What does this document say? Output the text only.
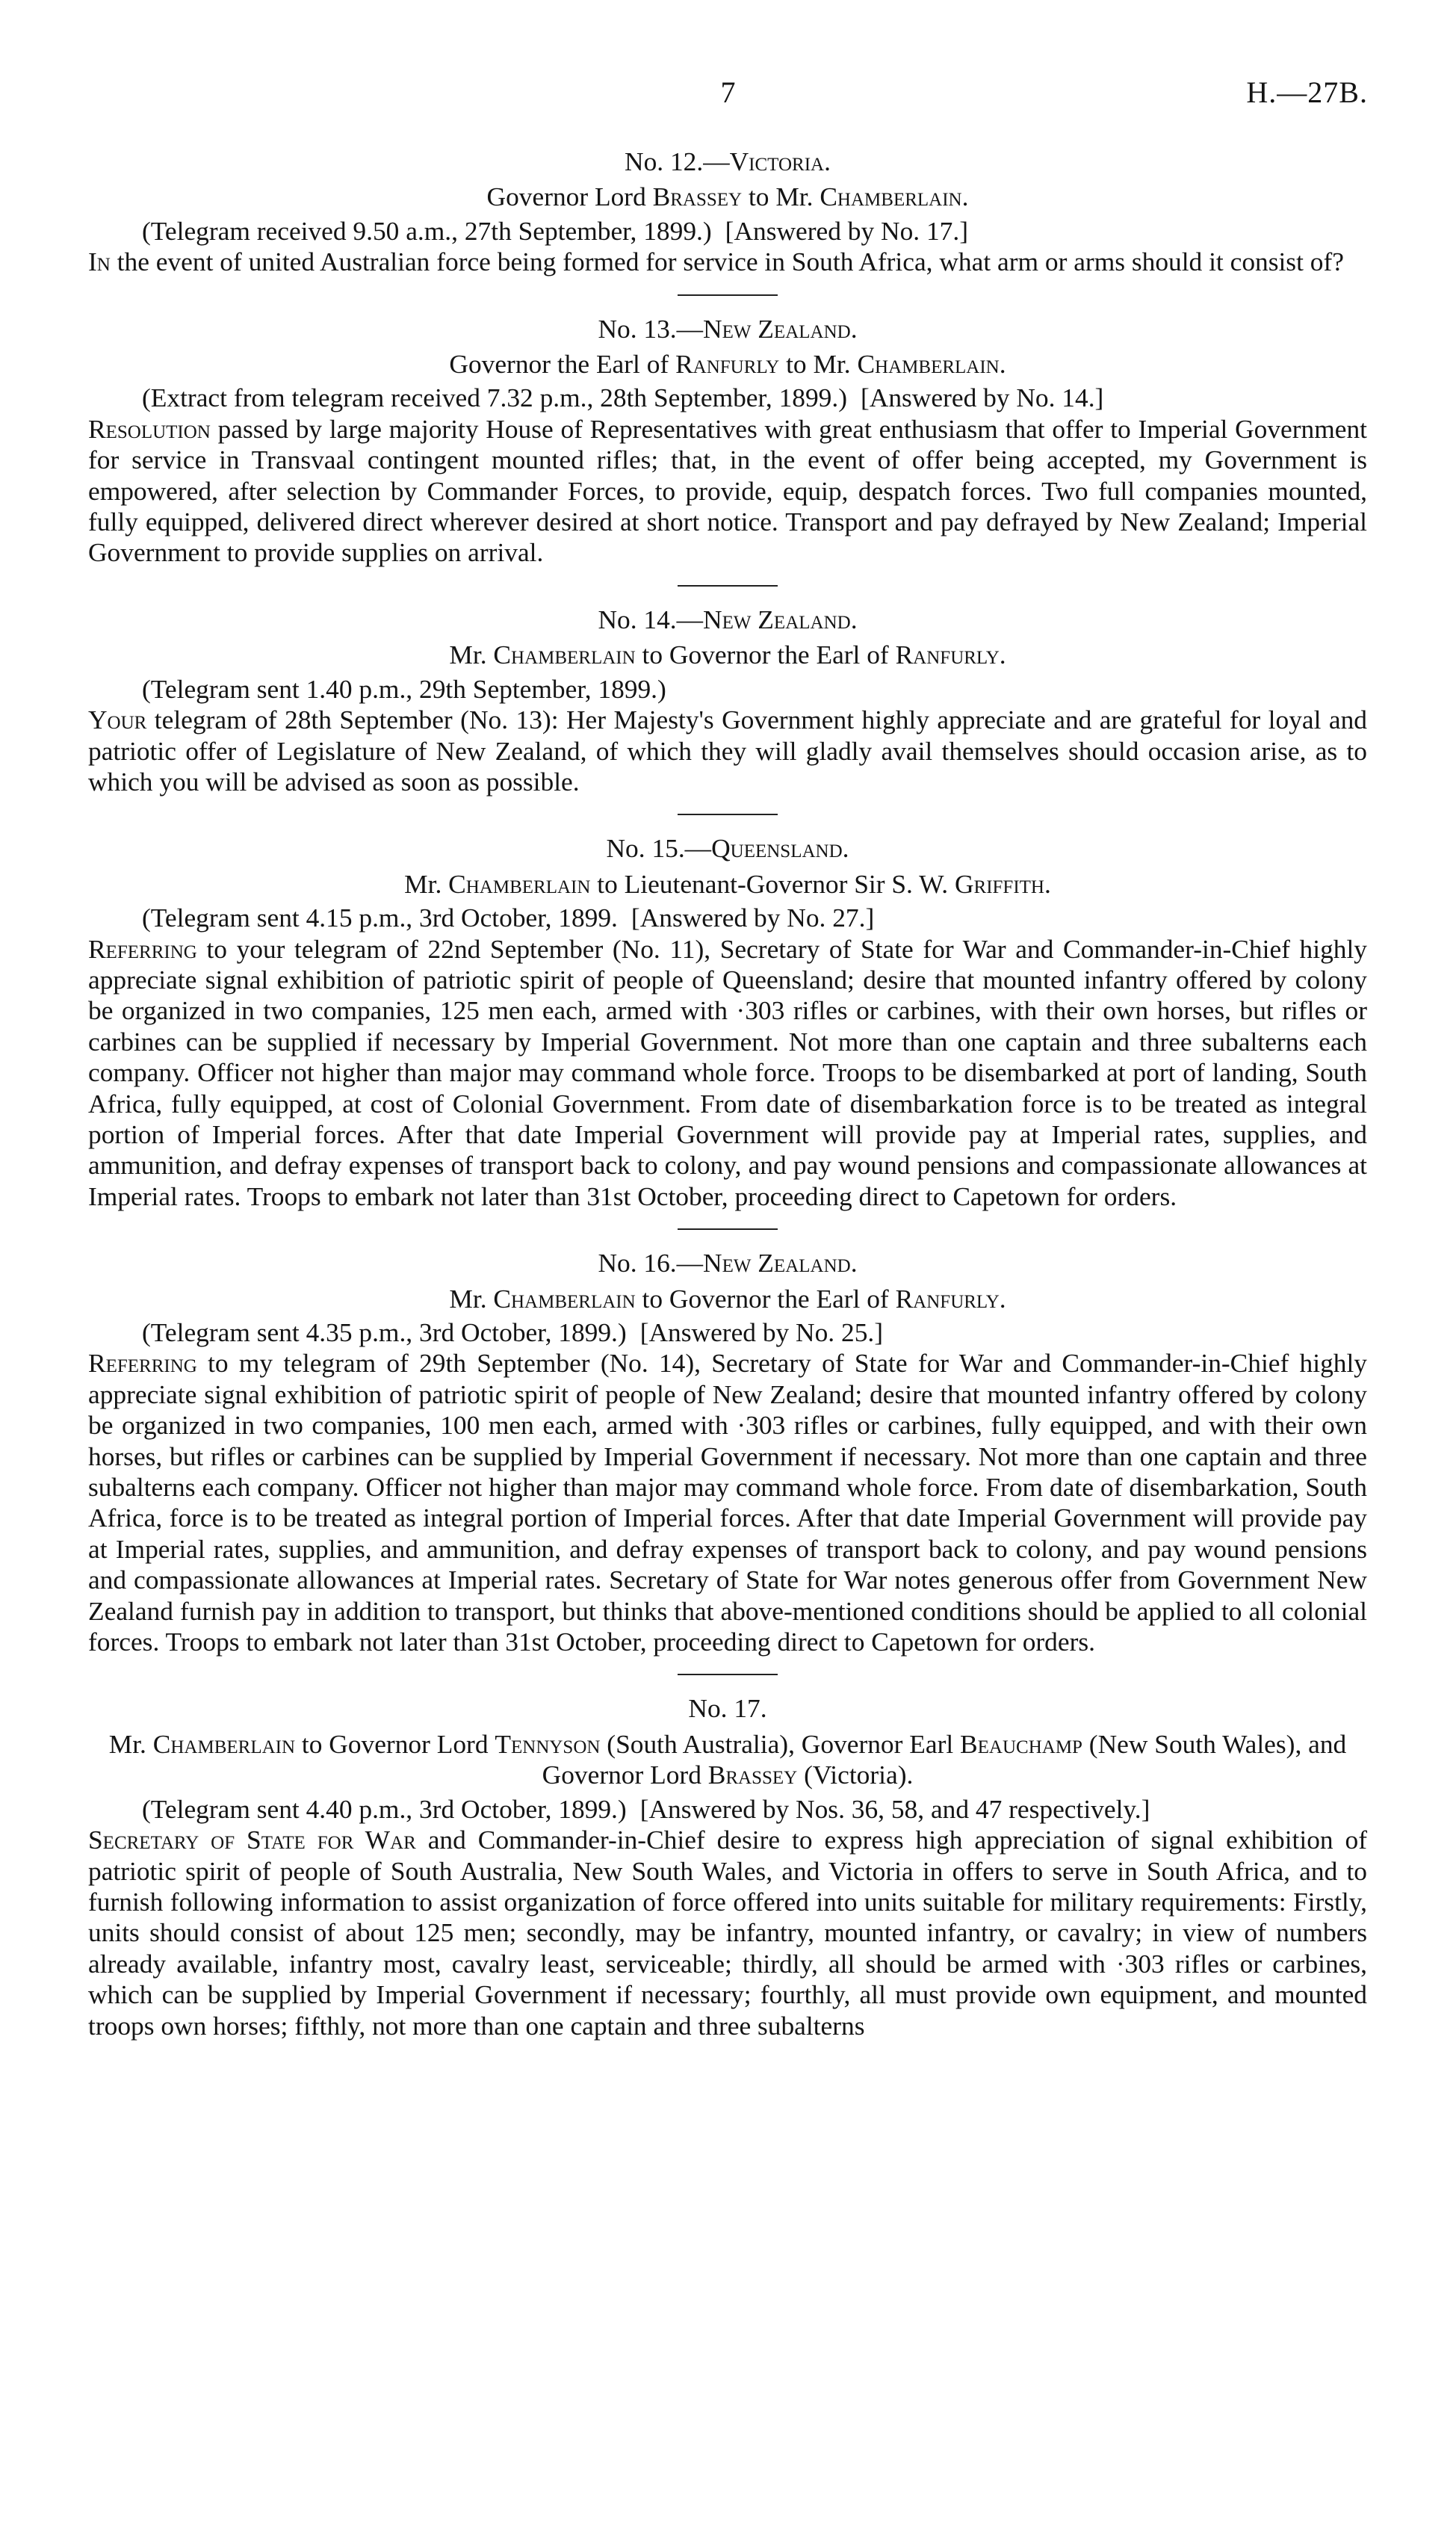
7	H.—27B.

No. 12.—Victoria.

Governor Lord Brassey to Mr. Chamberlain.

(Telegram received 9.50 a.m., 27th September, 1899.) [Answered by No. 17.]

In the event of united Australian force being formed for service in South Africa, what arm or arms should it consist of?

No. 13.—New Zealand.

Governor the Earl of Ranfurly to Mr. Chamberlain.

(Extract from telegram received 7.32 p.m., 28th September, 1899.) [Answered by No. 14.]

Resolution passed by large majority House of Representatives with great enthusiasm that offer to Imperial Government for service in Transvaal contingent mounted rifles; that, in the event of offer being accepted, my Government is empowered, after selection by Commander Forces, to provide, equip, despatch forces. Two full companies mounted, fully equipped, delivered direct wherever desired at short notice. Transport and pay defrayed by New Zealand; Imperial Government to provide supplies on arrival.

No. 14.—New Zealand.

Mr. Chamberlain to Governor the Earl of Ranfurly.

(Telegram sent 1.40 p.m., 29th September, 1899.)

Your telegram of 28th September (No. 13): Her Majesty's Government highly appreciate and are grateful for loyal and patriotic offer of Legislature of New Zealand, of which they will gladly avail themselves should occasion arise, as to which you will be advised as soon as possible.

No. 15.—Queensland.

Mr. Chamberlain to Lieutenant-Governor Sir S. W. Griffith.

(Telegram sent 4.15 p.m., 3rd October, 1899. [Answered by No. 27.]

Referring to your telegram of 22nd September (No. 11), Secretary of State for War and Commander-in-Chief highly appreciate signal exhibition of patriotic spirit of people of Queensland; desire that mounted infantry offered by colony be organized in two companies, 125 men each, armed with ·303 rifles or carbines, with their own horses, but rifles or carbines can be supplied if necessary by Imperial Government. Not more than one captain and three subalterns each company. Officer not higher than major may command whole force. Troops to be disembarked at port of landing, South Africa, fully equipped, at cost of Colonial Government. From date of disembarkation force is to be treated as integral portion of Imperial forces. After that date Imperial Government will provide pay at Imperial rates, supplies, and ammunition, and defray expenses of transport back to colony, and pay wound pensions and compassionate allowances at Imperial rates. Troops to embark not later than 31st October, proceeding direct to Capetown for orders.

No. 16.—New Zealand.

Mr. Chamberlain to Governor the Earl of Ranfurly.

(Telegram sent 4.35 p.m., 3rd October, 1899.) [Answered by No. 25.]

Referring to my telegram of 29th September (No. 14), Secretary of State for War and Commander-in-Chief highly appreciate signal exhibition of patriotic spirit of people of New Zealand; desire that mounted infantry offered by colony be organized in two companies, 100 men each, armed with ·303 rifles or carbines, fully equipped, and with their own horses, but rifles or carbines can be supplied by Imperial Government if necessary. Not more than one captain and three subalterns each company. Officer not higher than major may command whole force. From date of disembarkation, South Africa, force is to be treated as integral portion of Imperial forces. After that date Imperial Government will provide pay at Imperial rates, supplies, and ammunition, and defray expenses of transport back to colony, and pay wound pensions and compassionate allowances at Imperial rates. Secretary of State for War notes generous offer from Government New Zealand furnish pay in addition to transport, but thinks that above-mentioned conditions should be applied to all colonial forces. Troops to embark not later than 31st October, proceeding direct to Capetown for orders.

No. 17.

Mr. Chamberlain to Governor Lord Tennyson (South Australia), Governor Earl Beauchamp (New South Wales), and Governor Lord Brassey (Victoria).

(Telegram sent 4.40 p.m., 3rd October, 1899.) [Answered by Nos. 36, 58, and 47 respectively.]

Secretary of State for War and Commander-in-Chief desire to express high appreciation of signal exhibition of patriotic spirit of people of South Australia, New South Wales, and Victoria in offers to serve in South Africa, and to furnish following information to assist organization of force offered into units suitable for military requirements: Firstly, units should consist of about 125 men; secondly, may be infantry, mounted infantry, or cavalry; in view of numbers already available, infantry most, cavalry least, serviceable; thirdly, all should be armed with ·303 rifles or carbines, which can be supplied by Imperial Government if necessary; fourthly, all must provide own equipment, and mounted troops own horses; fifthly, not more than one captain and three subalterns
